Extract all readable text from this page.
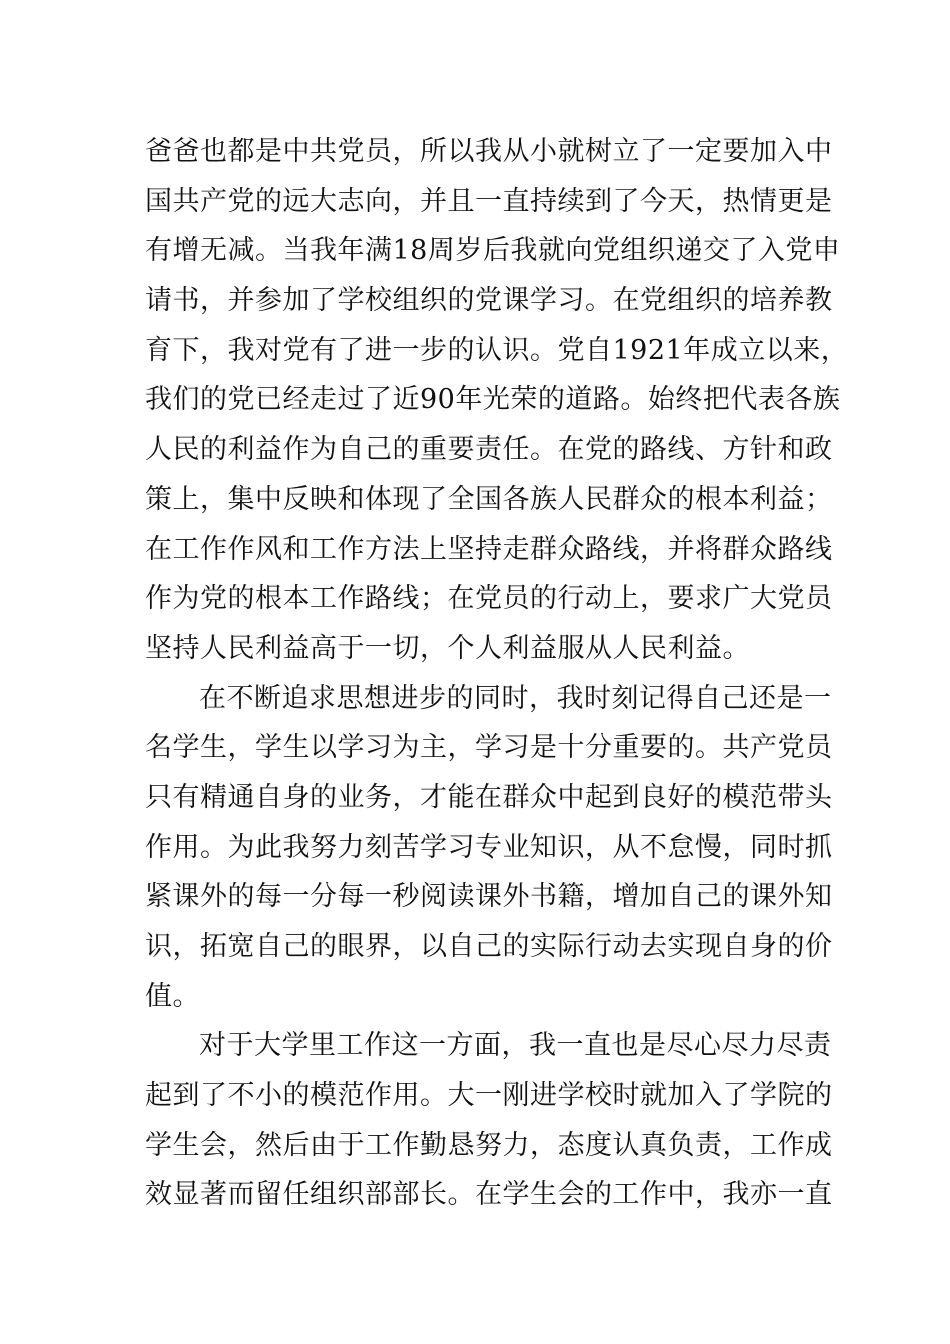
爸爸也都是中共党员，所以我从小就树立了一定要加入中
国共产党的远大志向，并且一直持续到了今天，热情更是
有增无减。当我年满18周岁后我就向党组织递交了入党申
请书，并参加了学校组织的党课学习。在党组织的培养教
育下，我对党有了进一步的认识。党自1921年成立以来，
我们的党已经走过了近90年光荣的道路。始终把代表各族
人民的利益作为自己的重要责任。在党的路线、方针和政
策上，集中反映和体现了全国各族人民群众的根本利益；
在工作作风和工作方法上坚持走群众路线，并将群众路线
作为党的根本工作路线；在党员的行动上，要求广大党员
坚持人民利益高于一切，个人利益服从人民利益。
在不断追求思想进步的同时，我时刻记得自己还是一
名学生，学生以学习为主，学习是十分重要的。共产党员
只有精通自身的业务，才能在群众中起到良好的模范带头
作用。为此我努力刻苦学习专业知识，从不怠慢，同时抓
紧课外的每一分每一秒阅读课外书籍，增加自己的课外知
识，拓宽自己的眼界，以自己的实际行动去实现自身的价
值。
对于大学里工作这一方面，我一直也是尽心尽力尽责
起到了不小的模范作用。大一刚进学校时就加入了学院的
学生会，然后由于工作勤恳努力，态度认真负责，工作成
效显著而留任组织部部长。在学生会的工作中，我亦一直
